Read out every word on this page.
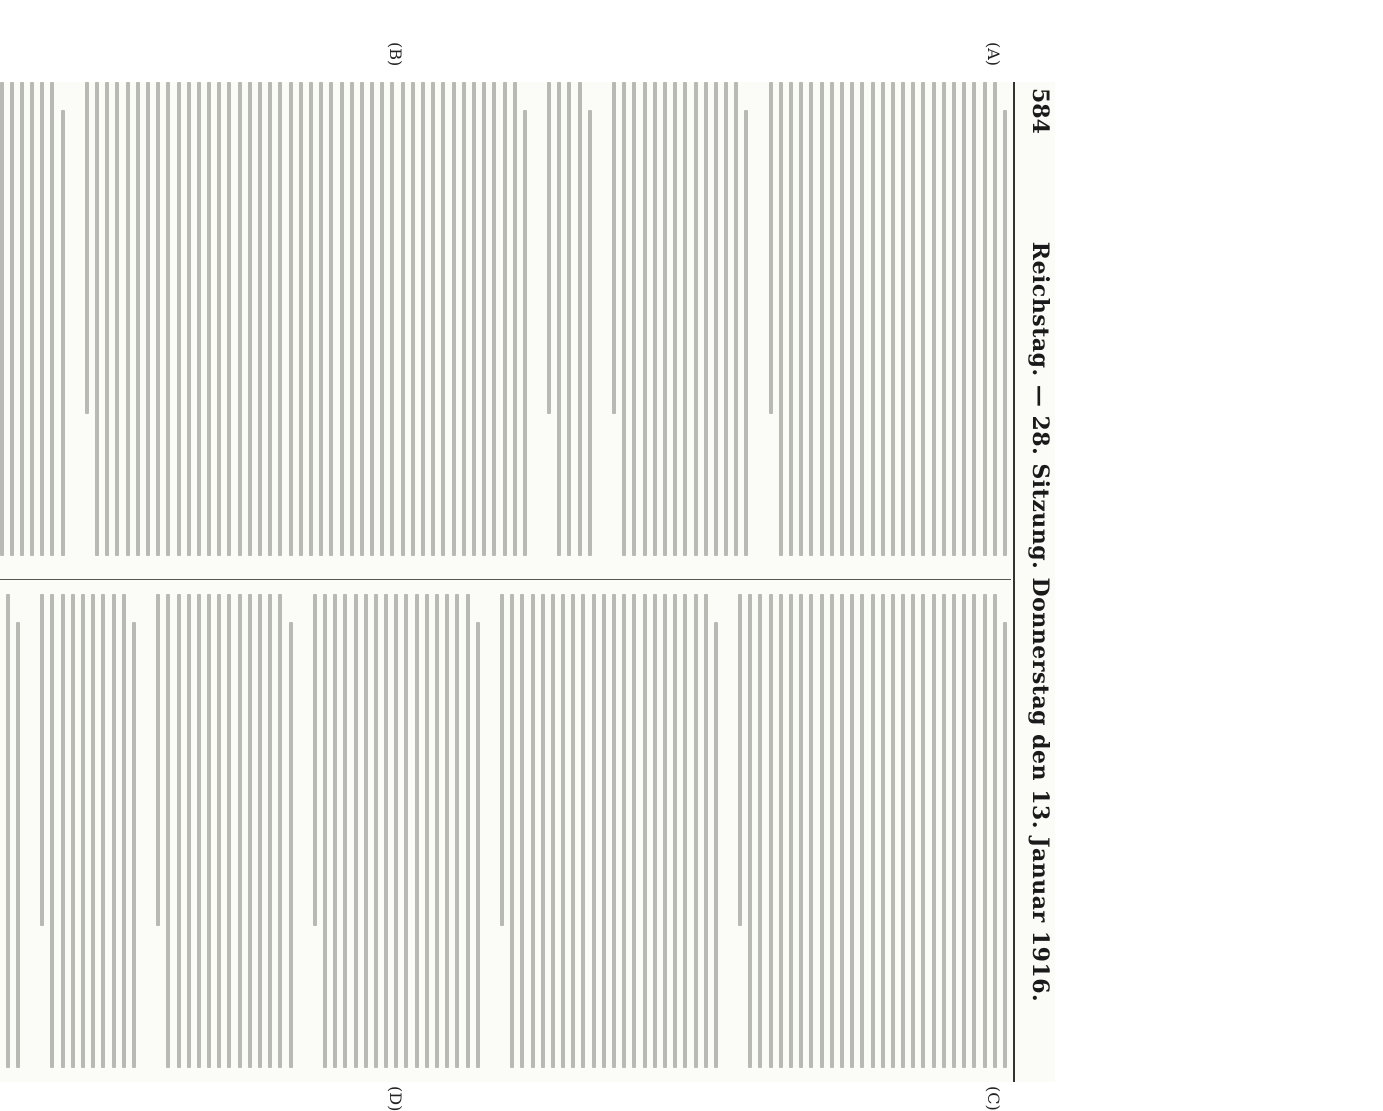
584
Reichstag. — 28. Sitzung. Donnerstag den 13. Januar 1916.
(A)
(B)
(C)
(D)
